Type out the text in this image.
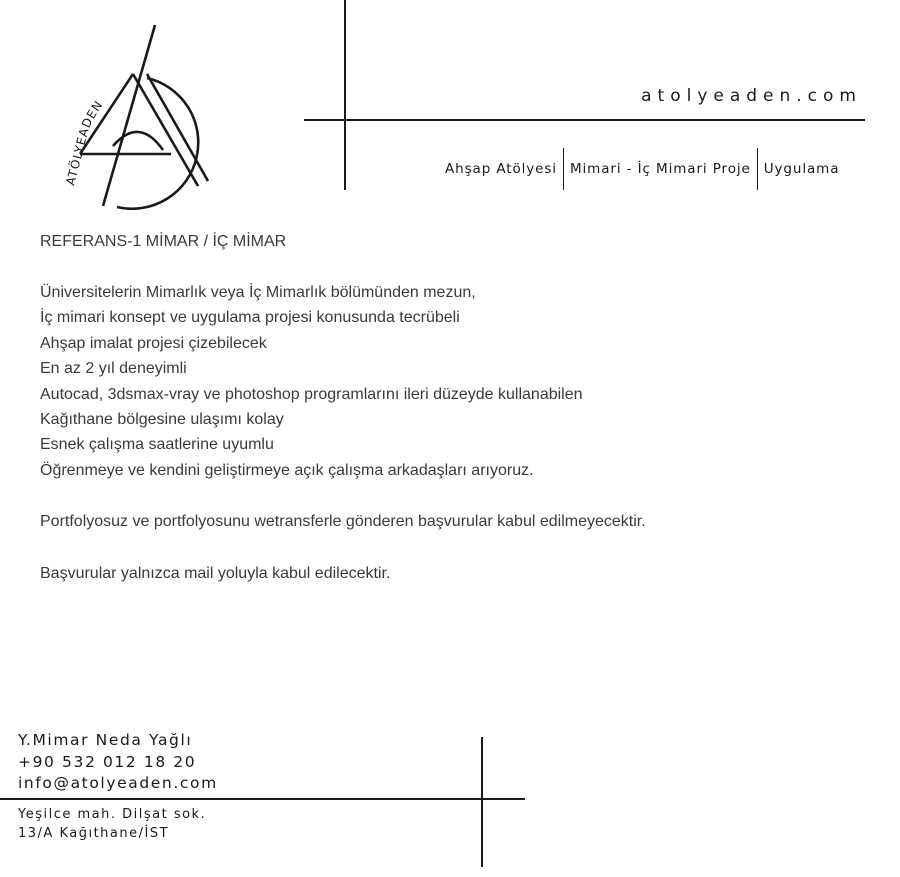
ATÖLYEADEN	atolyeaden.com
Ahşap Atölyesi Mimari - İç Mimari Proje Uygulama

REFERANS-1 MİMAR / İÇ MİMAR

Üniversitelerin Mimarlık veya İç Mimarlık bölümünden mezun,
İç mimari konsept ve uygulama projesi konusunda tecrübeli
Ahşap imalat projesi çizebilecek
En az 2 yıl deneyimli
Autocad, 3dsmax-vray ve photoshop programlarını ileri düzeyde kullanabilen
Kağıthane bölgesine ulaşımı kolay
Esnek çalışma saatlerine uyumlu
Öğrenmeye ve kendini geliştirmeye açık çalışma arkadaşları arıyoruz.

Portfolyosuz ve portfolyosunu wetransferle gönderen başvurular kabul edilmeyecektir.

Başvurular yalnızca mail yoluyla kabul edilecektir.

Y.Mimar Neda Yağlı
+90 532 012 18 20
info@atolyeaden.com
Yeşilce mah. Dilşat sok.
13/A Kağıthane/İST
